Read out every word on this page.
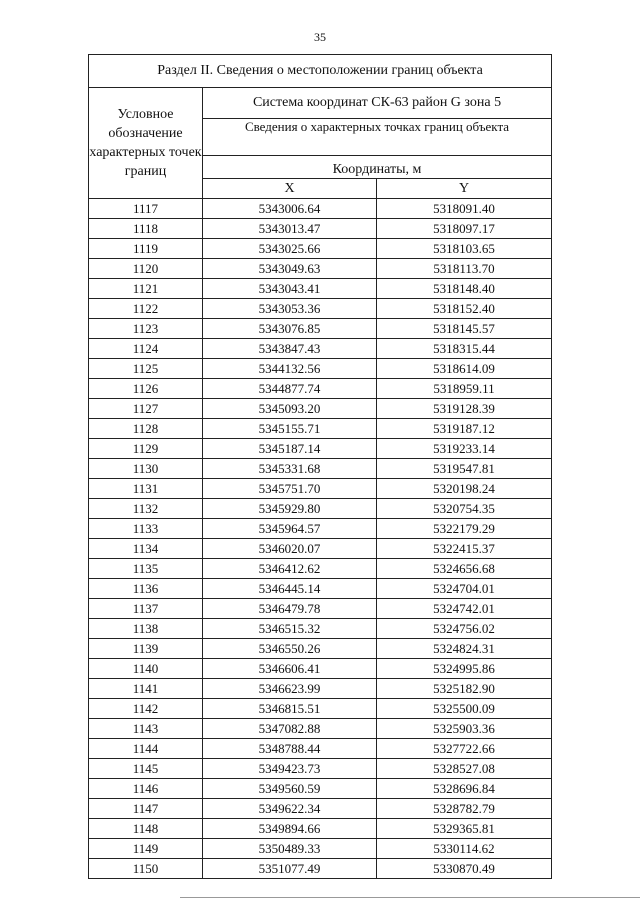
35
Раздел II. Сведения о местоположении границ объекта		
Условное обозначение характерных точек границ	Система координат СК-63 район G зона 5	
	Сведения о характерных точках границ объекта	
	Координаты, м	
	X	Y
1117	5343006.64	5318091.40
1118	5343013.47	5318097.17
1119	5343025.66	5318103.65
1120	5343049.63	5318113.70
1121	5343043.41	5318148.40
1122	5343053.36	5318152.40
1123	5343076.85	5318145.57
1124	5343847.43	5318315.44
1125	5344132.56	5318614.09
1126	5344877.74	5318959.11
1127	5345093.20	5319128.39
1128	5345155.71	5319187.12
1129	5345187.14	5319233.14
1130	5345331.68	5319547.81
1131	5345751.70	5320198.24
1132	5345929.80	5320754.35
1133	5345964.57	5322179.29
1134	5346020.07	5322415.37
1135	5346412.62	5324656.68
1136	5346445.14	5324704.01
1137	5346479.78	5324742.01
1138	5346515.32	5324756.02
1139	5346550.26	5324824.31
1140	5346606.41	5324995.86
1141	5346623.99	5325182.90
1142	5346815.51	5325500.09
1143	5347082.88	5325903.36
1144	5348788.44	5327722.66
1145	5349423.73	5328527.08
1146	5349560.59	5328696.84
1147	5349622.34	5328782.79
1148	5349894.66	5329365.81
1149	5350489.33	5330114.62
1150	5351077.49	5330870.49
